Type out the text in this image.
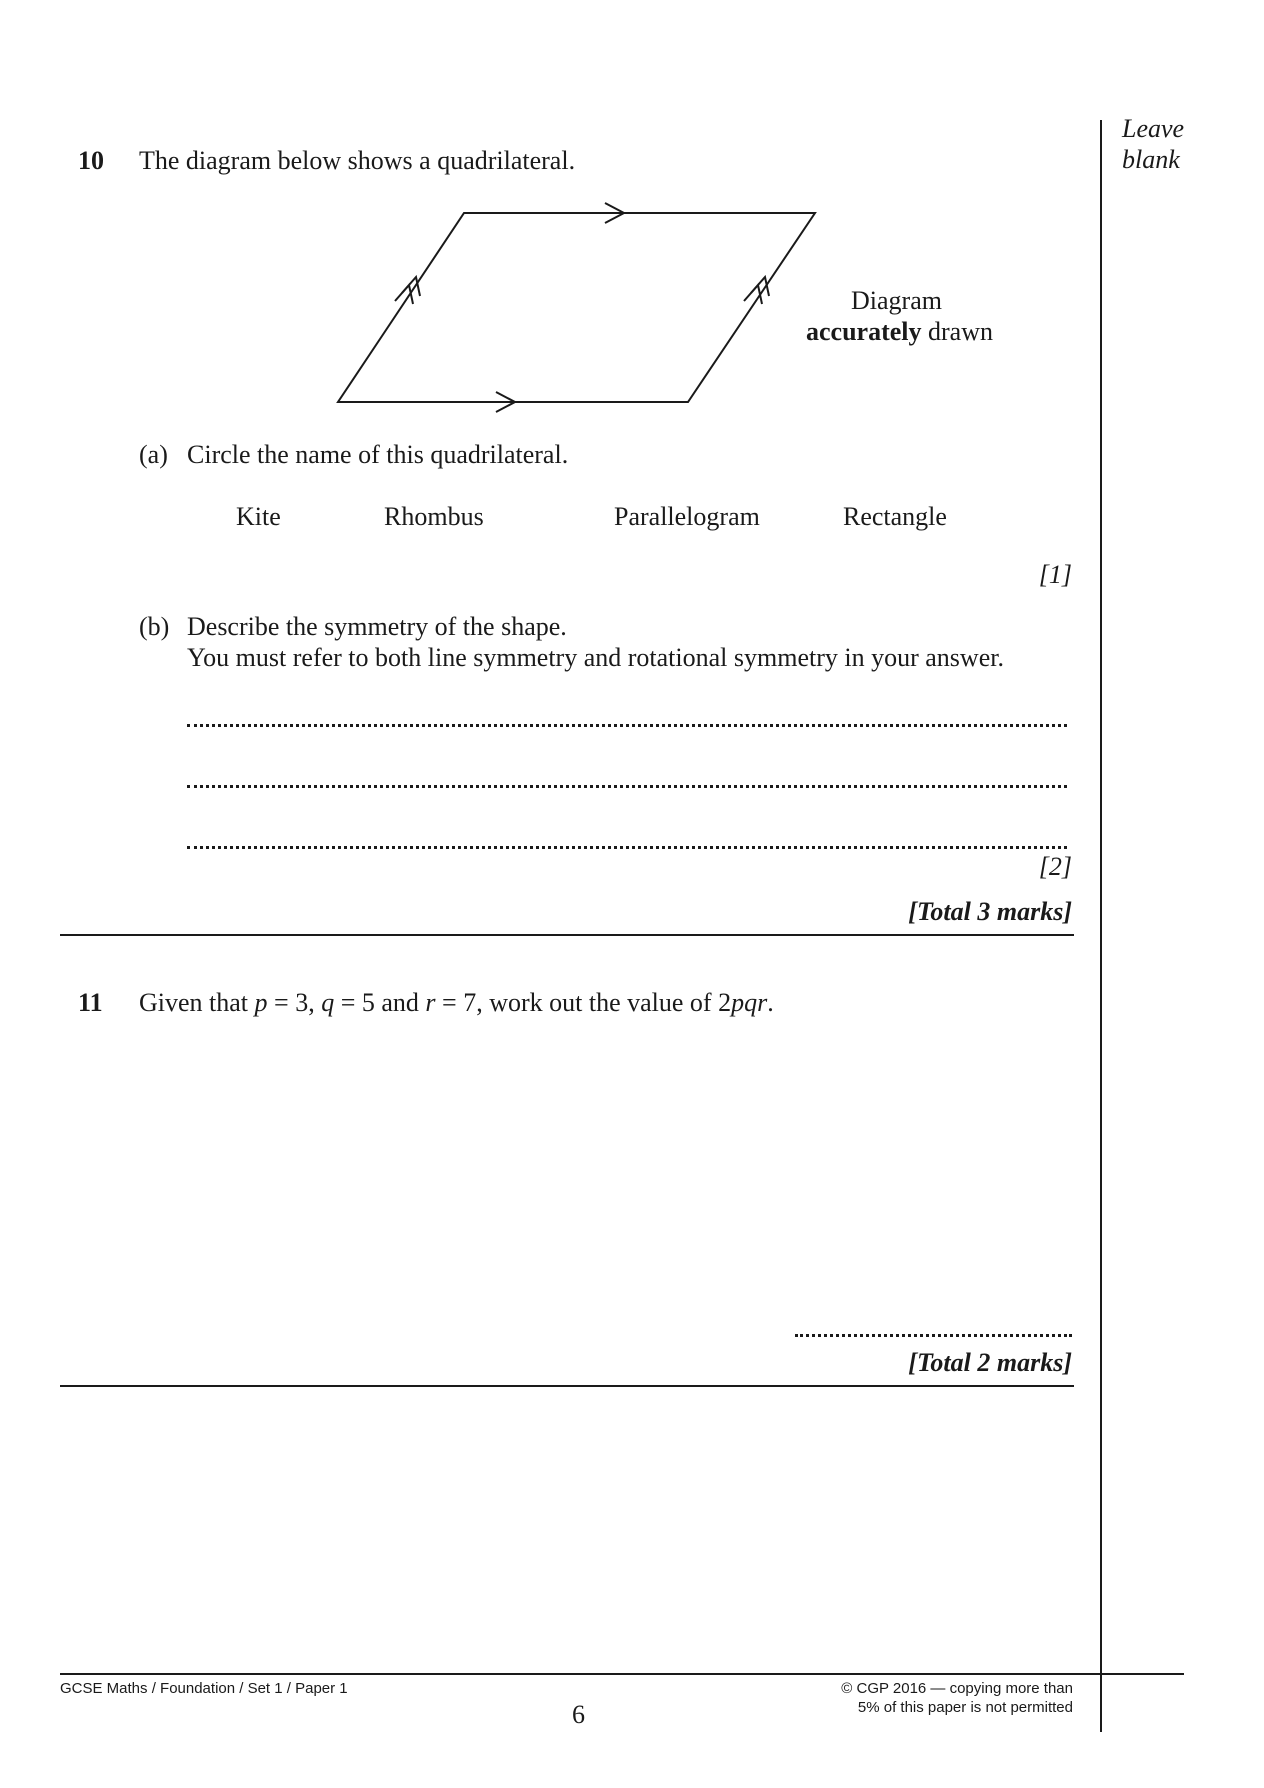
Leave
blank
10 The diagram below shows a quadrilateral.
Diagram
accurately drawn
(a) Circle the name of this quadrilateral.
Kite	Rhombus	Parallelogram	Rectangle
[1]
(b) Describe the symmetry of the shape.
You must refer to both line symmetry and rotational symmetry in your answer.
[2]
[Total 3 marks]
11 Given that p = 3, q = 5 and r = 7, work out the value of 2pqr.
[Total 2 marks]
GCSE Maths / Foundation / Set 1 / Paper 1
6
© CGP 2016 — copying more than
5% of this paper is not permitted
